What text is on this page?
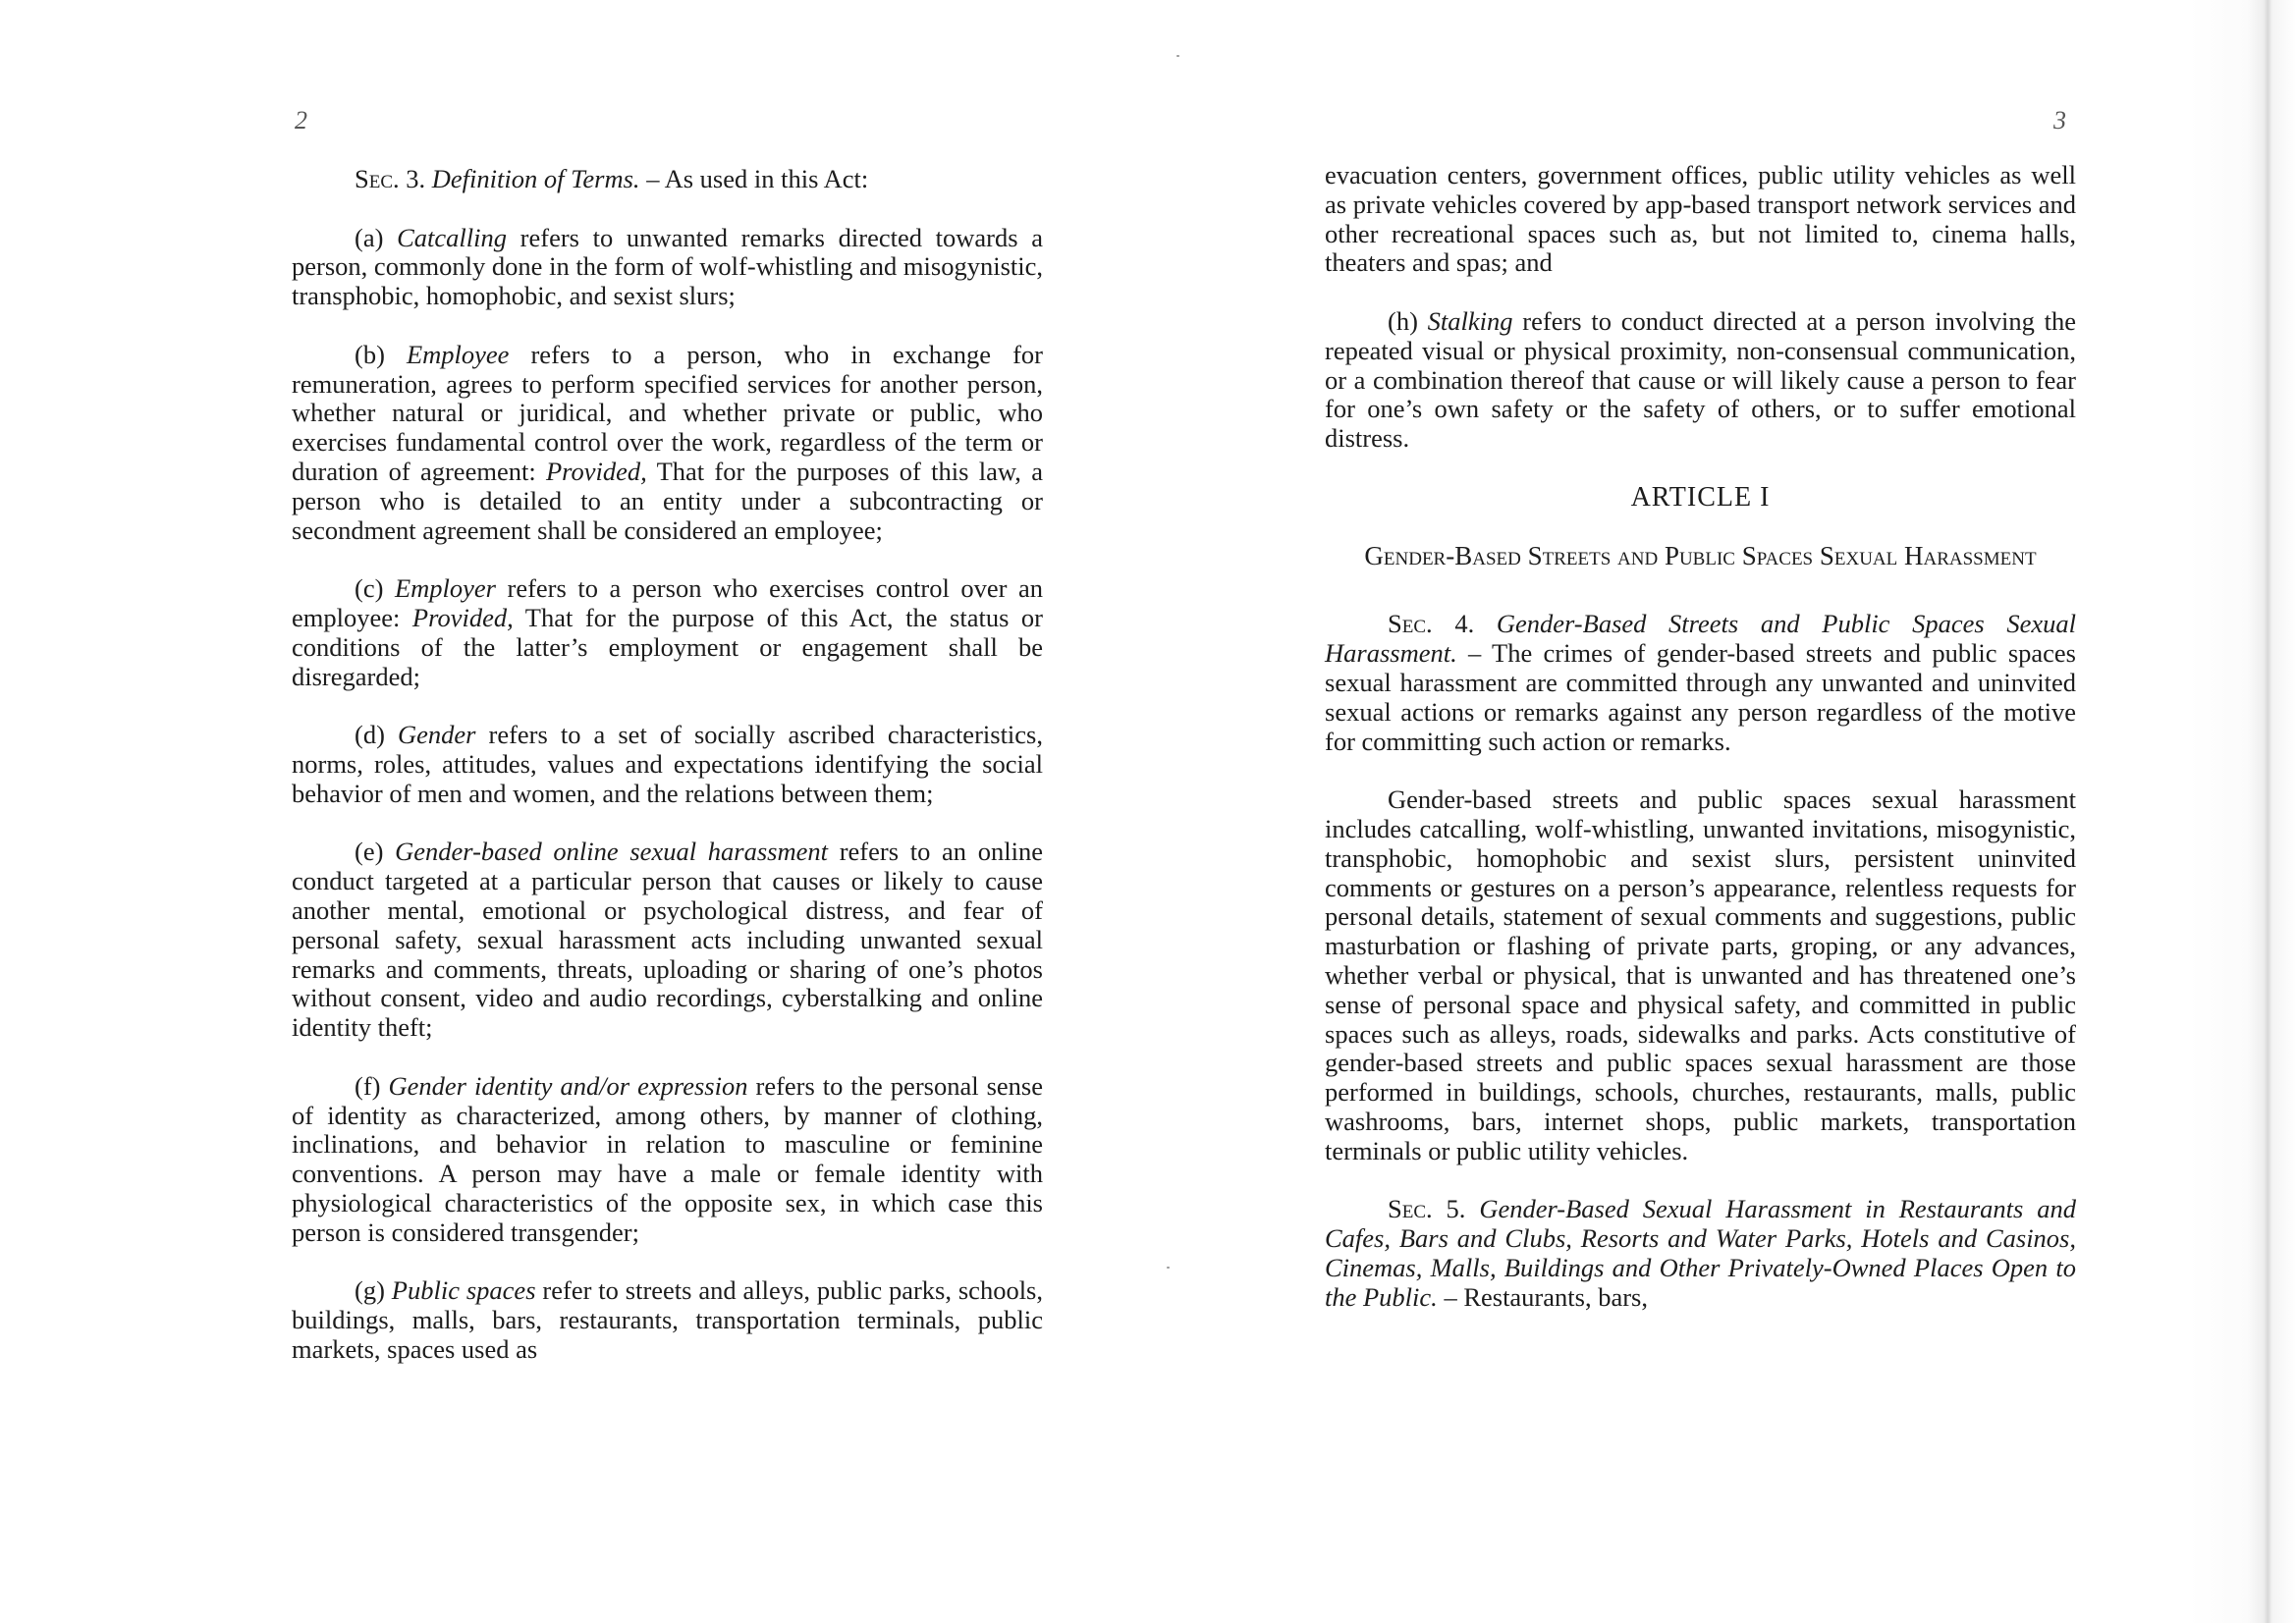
2

Sec. 3. Definition of Terms. – As used in this Act:

(a) Catcalling refers to unwanted remarks directed towards a person, commonly done in the form of wolf-whistling and misogynistic, transphobic, homophobic, and sexist slurs;

(b) Employee refers to a person, who in exchange for remuneration, agrees to perform specified services for another person, whether natural or juridical, and whether private or public, who exercises fundamental control over the work, regardless of the term or duration of agreement: Provided, That for the purposes of this law, a person who is detailed to an entity under a subcontracting or secondment agreement shall be considered an employee;

(c) Employer refers to a person who exercises control over an employee: Provided, That for the purpose of this Act, the status or conditions of the latter’s employment or engagement shall be disregarded;

(d) Gender refers to a set of socially ascribed characteristics, norms, roles, attitudes, values and expectations identifying the social behavior of men and women, and the relations between them;

(e) Gender-based online sexual harassment refers to an online conduct targeted at a particular person that causes or likely to cause another mental, emotional or psychological distress, and fear of personal safety, sexual harassment acts including unwanted sexual remarks and comments, threats, uploading or sharing of one’s photos without consent, video and audio recordings, cyberstalking and online identity theft;

(f) Gender identity and/or expression refers to the personal sense of identity as characterized, among others, by manner of clothing, inclinations, and behavior in relation to masculine or feminine conventions. A person may have a male or female identity with physiological characteristics of the opposite sex, in which case this person is considered transgender;

(g) Public spaces refer to streets and alleys, public parks, schools, buildings, malls, bars, restaurants, transportation terminals, public markets, spaces used as

3

evacuation centers, government offices, public utility vehicles as well as private vehicles covered by app-based transport network services and other recreational spaces such as, but not limited to, cinema halls, theaters and spas; and

(h) Stalking refers to conduct directed at a person involving the repeated visual or physical proximity, non-consensual communication, or a combination thereof that cause or will likely cause a person to fear for one’s own safety or the safety of others, or to suffer emotional distress.

ARTICLE I
Gender-Based Streets and Public Spaces Sexual Harassment

Sec. 4. Gender-Based Streets and Public Spaces Sexual Harassment. – The crimes of gender-based streets and public spaces sexual harassment are committed through any unwanted and uninvited sexual actions or remarks against any person regardless of the motive for committing such action or remarks.

Gender-based streets and public spaces sexual harassment includes catcalling, wolf-whistling, unwanted invitations, misogynistic, transphobic, homophobic and sexist slurs, persistent uninvited comments or gestures on a person’s appearance, relentless requests for personal details, statement of sexual comments and suggestions, public masturbation or flashing of private parts, groping, or any advances, whether verbal or physical, that is unwanted and has threatened one’s sense of personal space and physical safety, and committed in public spaces such as alleys, roads, sidewalks and parks. Acts constitutive of gender-based streets and public spaces sexual harassment are those performed in buildings, schools, churches, restaurants, malls, public washrooms, bars, internet shops, public markets, transportation terminals or public utility vehicles.

Sec. 5. Gender-Based Sexual Harassment in Restaurants and Cafes, Bars and Clubs, Resorts and Water Parks, Hotels and Casinos, Cinemas, Malls, Buildings and Other Privately-Owned Places Open to the Public. – Restaurants, bars,
